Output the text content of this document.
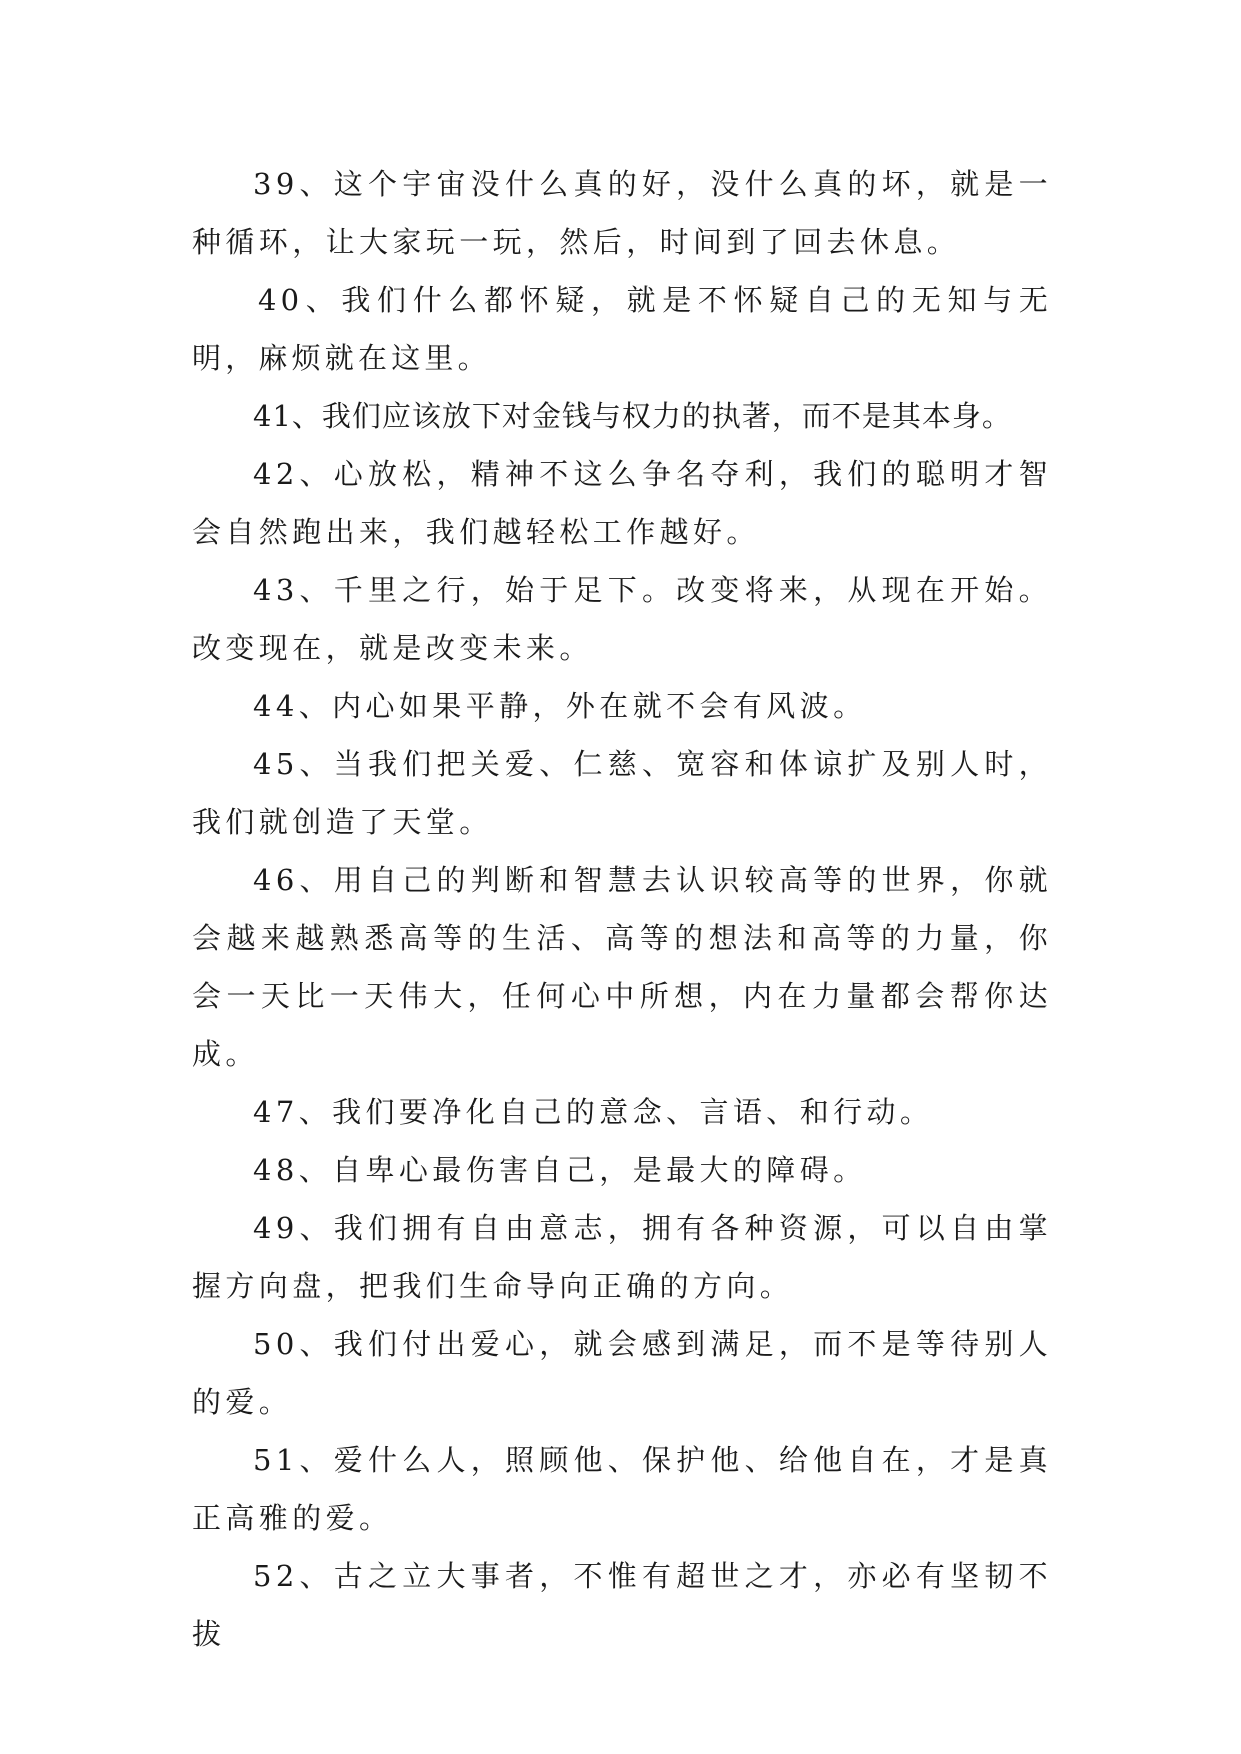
39、这个宇宙没什么真的好，没什么真的坏，就是一种循环，让大家玩一玩，然后，时间到了回去休息。

40、我们什么都怀疑，就是不怀疑自己的无知与无明，麻烦就在这里。

41、我们应该放下对金钱与权力的执著，而不是其本身。

42、心放松，精神不这么争名夺利，我们的聪明才智会自然跑出来，我们越轻松工作越好。

43、千里之行，始于足下。改变将来，从现在开始。改变现在，就是改变未来。

44、内心如果平静，外在就不会有风波。

45、当我们把关爱、仁慈、宽容和体谅扩及别人时，我们就创造了天堂。

46、用自己的判断和智慧去认识较高等的世界，你就会越来越熟悉高等的生活、高等的想法和高等的力量，你会一天比一天伟大，任何心中所想，内在力量都会帮你达成。

47、我们要净化自己的意念、言语、和行动。

48、自卑心最伤害自己，是最大的障碍。

49、我们拥有自由意志，拥有各种资源，可以自由掌握方向盘，把我们生命导向正确的方向。

50、我们付出爱心，就会感到满足，而不是等待别人的爱。

51、爱什么人，照顾他、保护他、给他自在，才是真正高雅的爱。

52、古之立大事者，不惟有超世之才，亦必有坚韧不拔
